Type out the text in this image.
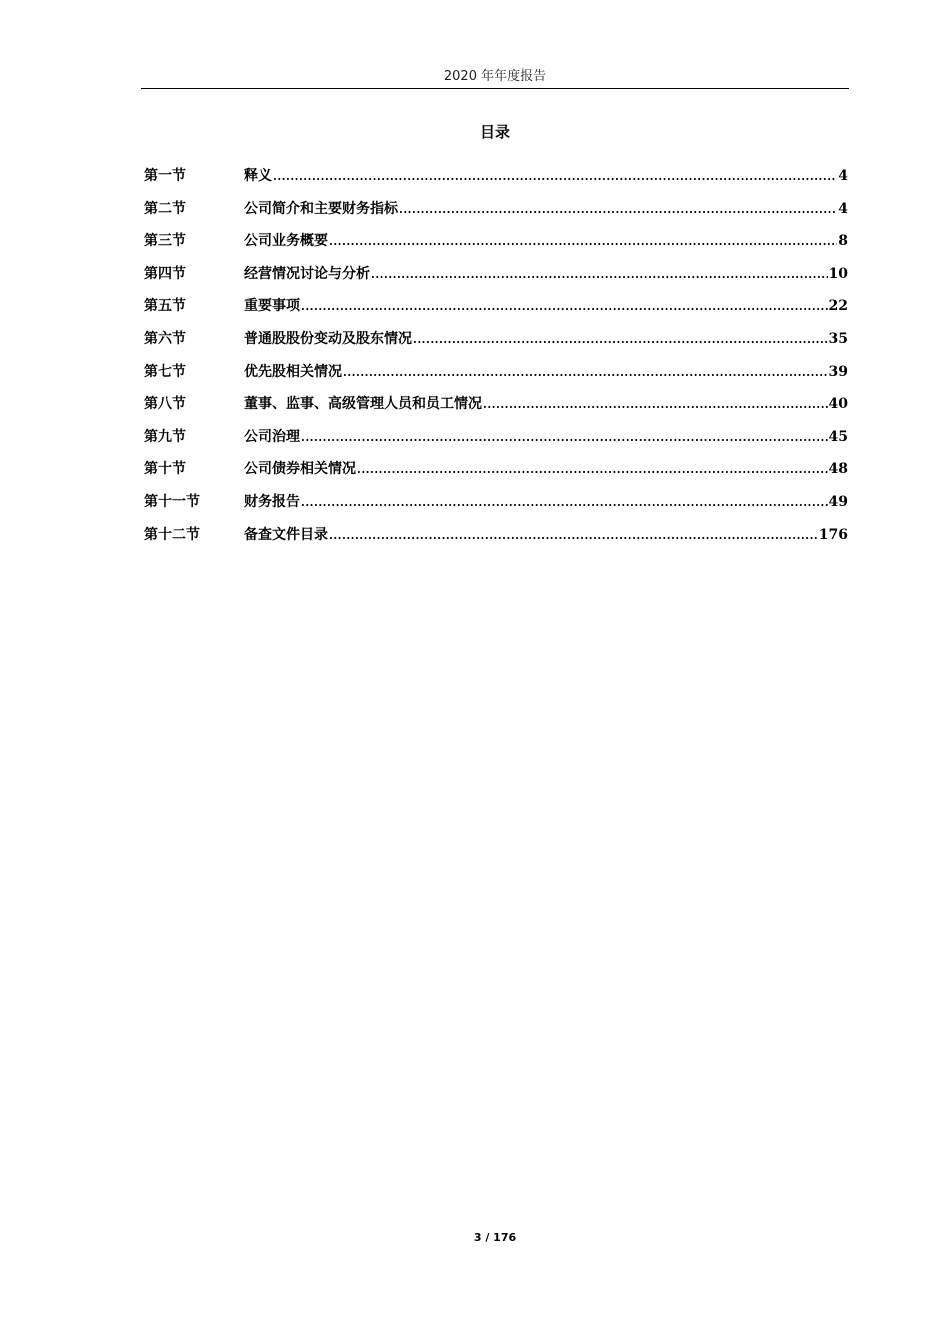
2020 年年度报告
目录
第一节	释义 .....	4
第二节	公司简介和主要财务指标 .....	4
第三节	公司业务概要 .....	8
第四节	经营情况讨论与分析 .....	10
第五节	重要事项 .....	22
第六节	普通股股份变动及股东情况 .....	35
第七节	优先股相关情况 .....	39
第八节	董事、监事、高级管理人员和员工情况 .....	40
第九节	公司治理 .....	45
第十节	公司债券相关情况 .....	48
第十一节	财务报告 .....	49
第十二节	备查文件目录 .....	176
3 / 176
